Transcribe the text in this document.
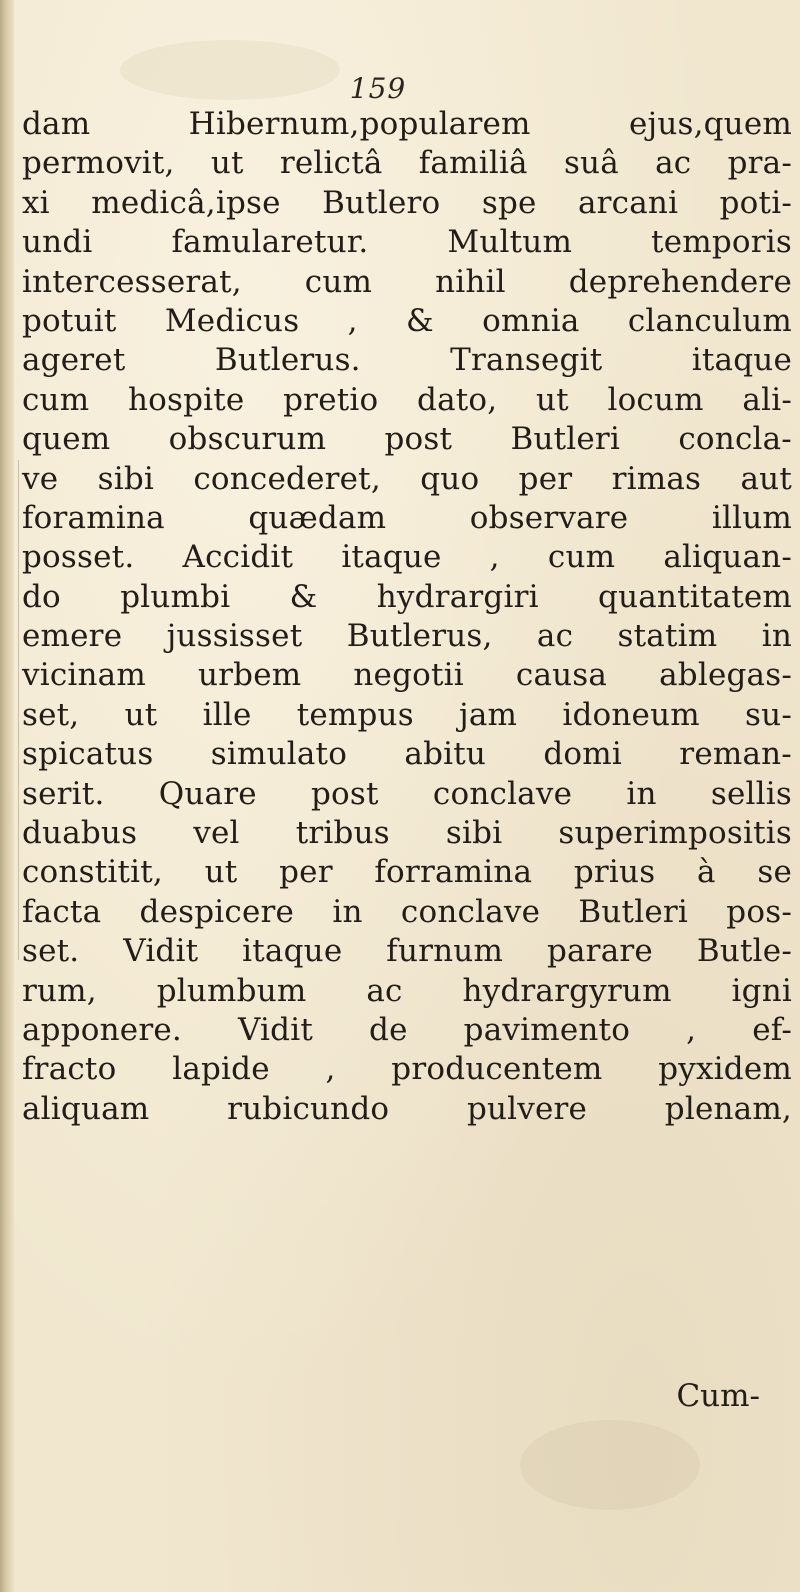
159
dam Hibernum,popularem ejus,quem
permovit, ut relictâ familiâ suâ ac pra-
xi medicâ,ipse Butlero spe arcani poti-
undi famularetur. Multum temporis
intercesserat, cum nihil deprehendere
potuit Medicus , & omnia clanculum
ageret Butlerus. Transegit itaque
cum hospite pretio dato, ut locum ali-
quem obscurum post Butleri concla-
ve sibi concederet, quo per rimas aut
foramina quædam observare illum
posset. Accidit itaque , cum aliquan-
do plumbi & hydrargiri quantitatem
emere jussisset Butlerus, ac statim in
vicinam urbem negotii causa ablegas-
set, ut ille tempus jam idoneum su-
spicatus simulato abitu domi reman-
serit. Quare post conclave in sellis
duabus vel tribus sibi superimpositis
constitit, ut per forramina prius à se
facta despicere in conclave Butleri pos-
set. Vidit itaque furnum parare Butle-
rum, plumbum ac hydrargyrum igni
apponere. Vidit de pavimento , ef-
fracto lapide , producentem pyxidem
aliquam rubicundo pulvere plenam,
Cum-
